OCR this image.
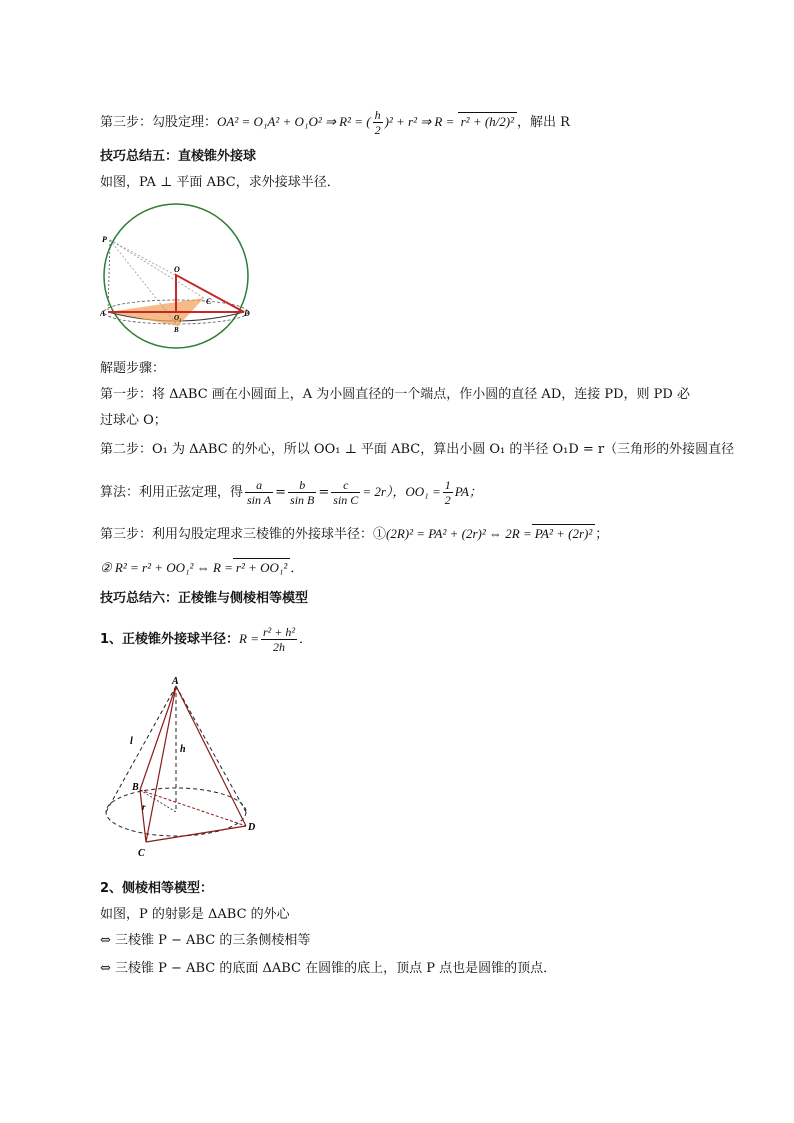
第三步：勾股定理：OA² = O₁A² + O₁O² ⇒ R² = ( $\frac{h}{2} )^2 + r^2$ ⇒ R = r² + (h/2)² ，解出 R
技巧总结五：直棱锥外接球
如图，PA ⊥ 平面 ABC，求外接球半径．
P
O
C
A	D
O₁
B
解题步骤：
第一步：将 ΔABC 画在小圆面上，A 为小圆直径的一个端点，作小圆的直径 AD，连接 PD，则 PD 必
过球心 O；
第二步：O₁ 为 ΔABC 的外心，所以 OO₁ ⊥ 平面 ABC，算出小圆 O₁ 的半径 O₁D = r（三角形的外接圆直径
算法：利用正弦定理，得 $\frac{a}{\text{sin A}} = \frac{b}{\text{sin B}} = \frac{c}{\text{sin C}} = 2r$），$OO_1 = \frac{1}{2}$ PA；
第三步：利用勾股定理求三棱锥的外接球半径：①(2R)² = PA² + (2r)² ⇔ 2R = PA² + (2r)² ；
② R² = r² + OO₁² ⇔ R = r² + OO₁² ．
技巧总结六：正棱锥与侧棱相等模型
1、正棱锥外接球半径：$R = \frac{\text{r² + h²}}{2h}$ ．
A
l
h
B
r
D
C
2、侧棱相等模型：
如图，P 的射影是 ΔABC 的外心
⇔ 三棱锥 P − ABC 的三条侧棱相等
⇔ 三棱锥 P − ABC 的底面 ΔABC 在圆锥的底上，顶点 P 点也是圆锥的顶点．
